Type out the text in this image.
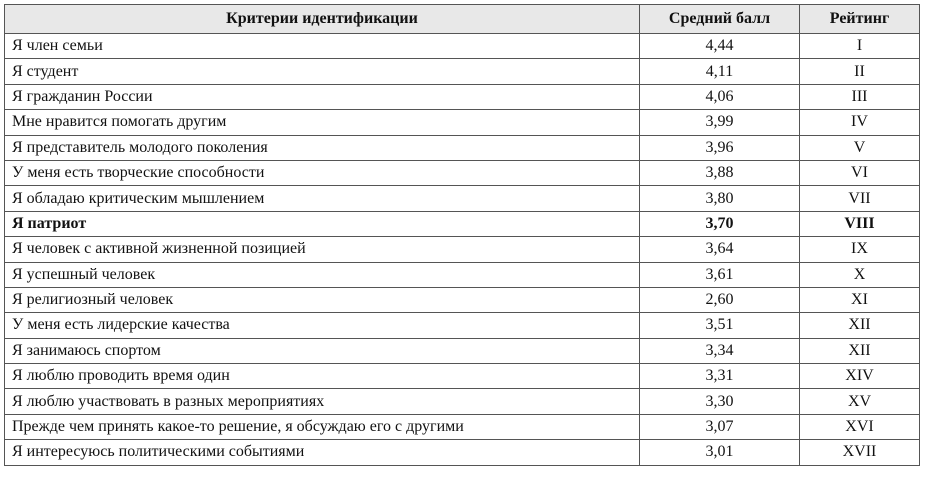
Критерии идентификации	Средний балл	Рейтинг
Я член семьи	4,44	I
Я студент	4,11	II
Я гражданин России	4,06	III
Мне нравится помогать другим	3,99	IV
Я представитель молодого поколения	3,96	V
У меня есть творческие способности	3,88	VI
Я обладаю критическим мышлением	3,80	VII
Я патриот	3,70	VIII
Я человек с активной жизненной позицией	3,64	IX
Я успешный человек	3,61	X
Я религиозный человек	2,60	XI
У меня есть лидерские качества	3,51	XII
Я занимаюсь спортом	3,34	XII
Я люблю проводить время один	3,31	XIV
Я люблю участвовать в разных мероприятиях	3,30	XV
Прежде чем принять какое-то решение, я обсуждаю его с другими	3,07	XVI
Я интересуюсь политическими событиями	3,01	XVII
